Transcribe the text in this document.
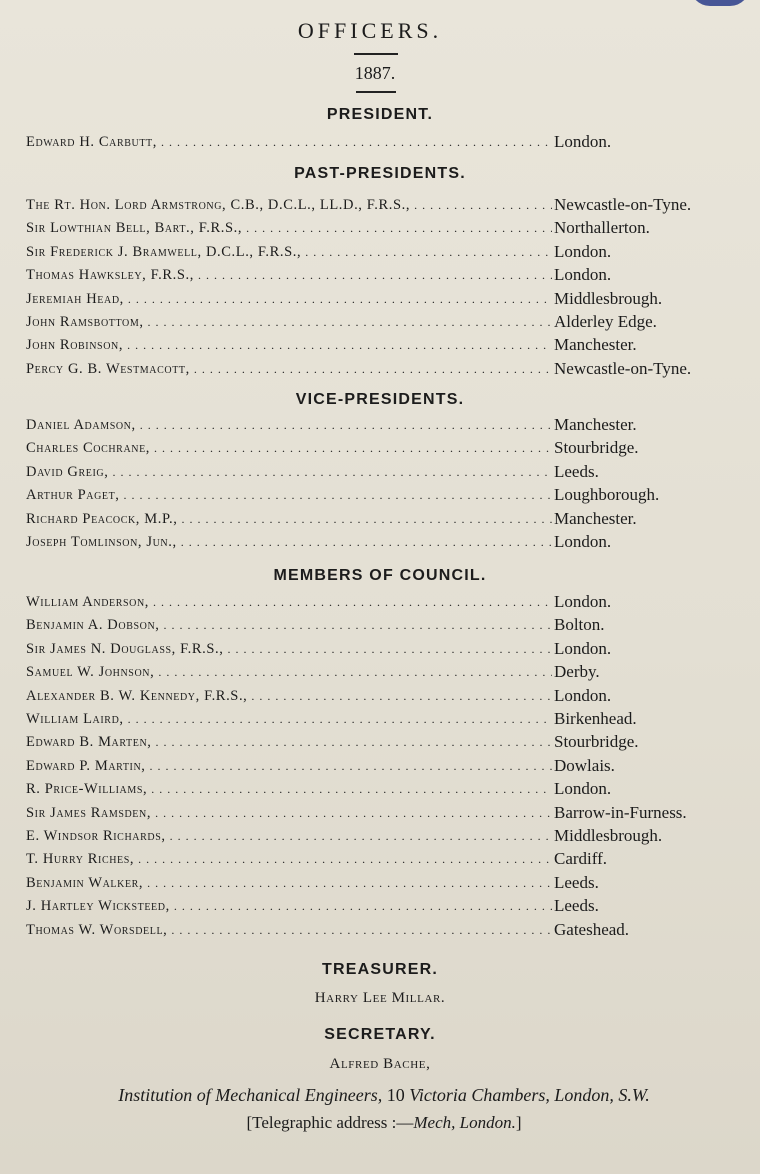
OFFICERS.
1887.
PRESIDENT.
Edward H. Carbutt, . . .	London.
PAST-PRESIDENTS.
The Rt. Hon. Lord Armstrong, C.B., D.C.L., LL.D., F.R.S., . . .	Newcastle-on-Tyne.
Sir Lowthian Bell, Bart., F.R.S., . . .	Northallerton.
Sir Frederick J. Bramwell, D.C.L., F.R.S., . . .	London.
Thomas Hawksley, F.R.S., . . .	London.
Jeremiah Head, . . .	Middlesbrough.
John Ramsbottom, . . .	Alderley Edge.
John Robinson, . . .	Manchester.
Percy G. B. Westmacott, . . .	Newcastle-on-Tyne.
VICE-PRESIDENTS.
Daniel Adamson, . . .	Manchester.
Charles Cochrane, . . .	Stourbridge.
David Greig, . . .	Leeds.
Arthur Paget, . . .	Loughborough.
Richard Peacock, M.P., . . .	Manchester.
Joseph Tomlinson, Jun., . . .	London.
MEMBERS OF COUNCIL.
William Anderson, . . .	London.
Benjamin A. Dobson, . . .	Bolton.
Sir James N. Douglass, F.R.S., . . .	London.
Samuel W. Johnson, . . .	Derby.
Alexander B. W. Kennedy, F.R.S., . . .	London.
William Laird, . . .	Birkenhead.
Edward B. Marten, . . .	Stourbridge.
Edward P. Martin, . . .	Dowlais.
R. Price-Williams, . . .	London.
Sir James Ramsden, . . .	Barrow-in-Furness.
E. Windsor Richards, . . .	Middlesbrough.
T. Hurry Riches, . . .	Cardiff.
Benjamin Walker, . . .	Leeds.
J. Hartley Wicksteed, . . .	Leeds.
Thomas W. Worsdell, . . .	Gateshead.
TREASURER.
Harry Lee Millar.
SECRETARY.
Alfred Bache,
Institution of Mechanical Engineers, 10 Victoria Chambers, London, S.W.
[Telegraphic address :—Mech, London.]
